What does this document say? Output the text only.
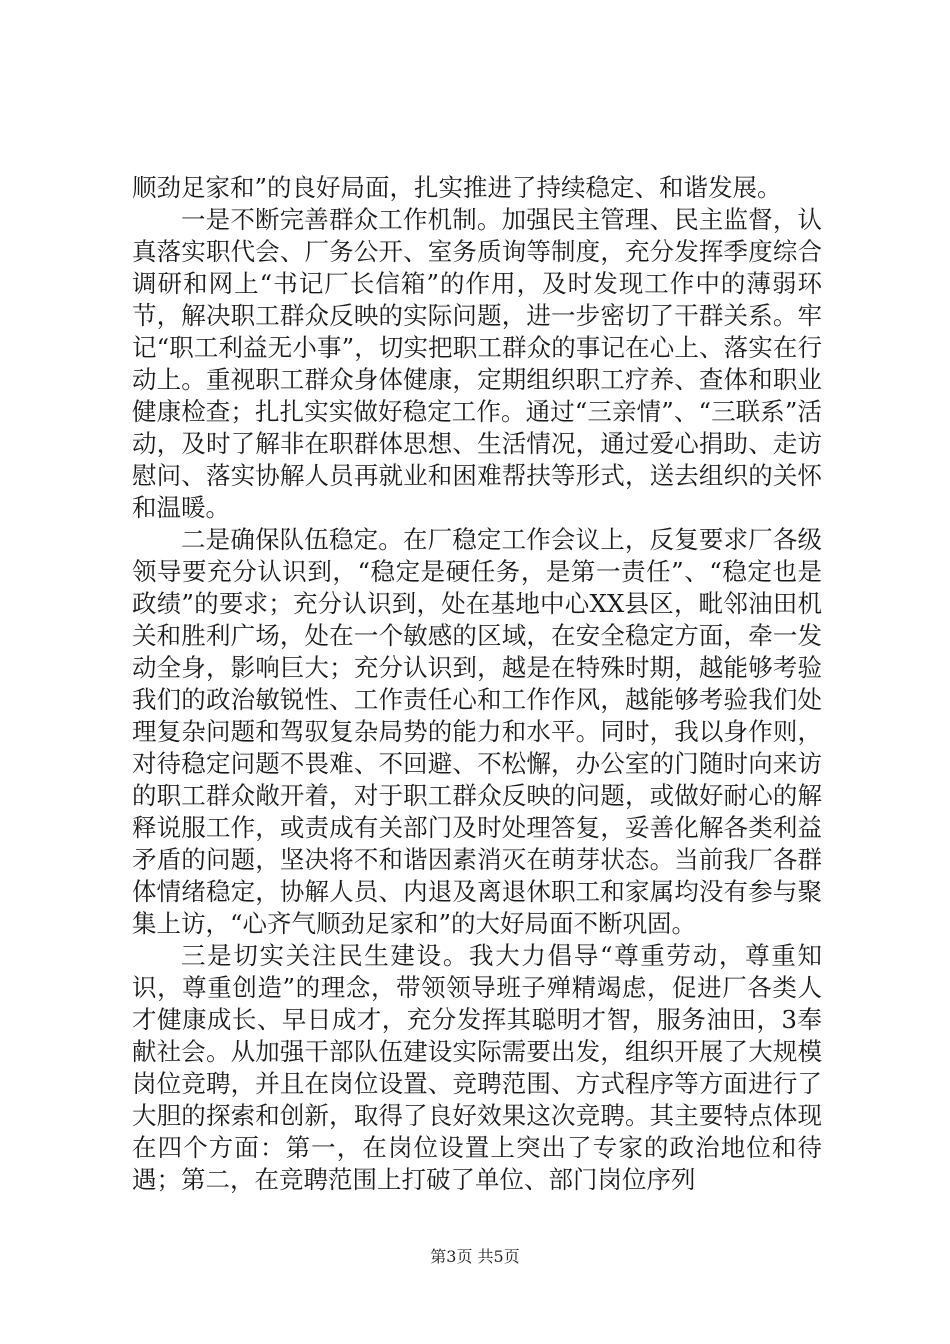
顺劲足家和”的良好局面，扎实推进了持续稳定、和谐发展。

一是不断完善群众工作机制。加强民主管理、民主监督，认真落实职代会、厂务公开、室务质询等制度，充分发挥季度综合调研和网上“书记厂长信箱”的作用，及时发现工作中的薄弱环节，解决职工群众反映的实际问题，进一步密切了干群关系。牢记“职工利益无小事”，切实把职工群众的事记在心上、落实在行动上。重视职工群众身体健康，定期组织职工疗养、查体和职业健康检查；扎扎实实做好稳定工作。通过“三亲情”、“三联系”活动，及时了解非在职群体思想、生活情况，通过爱心捐助、走访慰问、落实协解人员再就业和困难帮扶等形式，送去组织的关怀和温暖。

二是确保队伍稳定。在厂稳定工作会议上，反复要求厂各级领导要充分认识到，“稳定是硬任务，是第一责任”、“稳定也是政绩”的要求；充分认识到，处在基地中心XX县区，毗邻油田机关和胜利广场，处在一个敏感的区域，在安全稳定方面，牵一发动全身，影响巨大；充分认识到，越是在特殊时期，越能够考验我们的政治敏锐性、工作责任心和工作作风，越能够考验我们处理复杂问题和驾驭复杂局势的能力和水平。同时，我以身作则，对待稳定问题不畏难、不回避、不松懈，办公室的门随时向来访的职工群众敞开着，对于职工群众反映的问题，或做好耐心的解释说服工作，或责成有关部门及时处理答复，妥善化解各类利益矛盾的问题，坚决将不和谐因素消灭在萌芽状态。当前我厂各群体情绪稳定，协解人员、内退及离退休职工和家属均没有参与聚集上访，“心齐气顺劲足家和”的大好局面不断巩固。

三是切实关注民生建设。我大力倡导“尊重劳动，尊重知识，尊重创造”的理念，带领领导班子殚精竭虑，促进厂各类人才健康成长、早日成才，充分发挥其聪明才智，服务油田，3奉献社会。从加强干部队伍建设实际需要出发，组织开展了大规模岗位竞聘，并且在岗位设置、竞聘范围、方式程序等方面进行了大胆的探索和创新，取得了良好效果这次竞聘。其主要特点体现在四个方面：第一，在岗位设置上突出了专家的政治地位和待遇；第二，在竞聘范围上打破了单位、部门岗位序列

第3页 共5页
